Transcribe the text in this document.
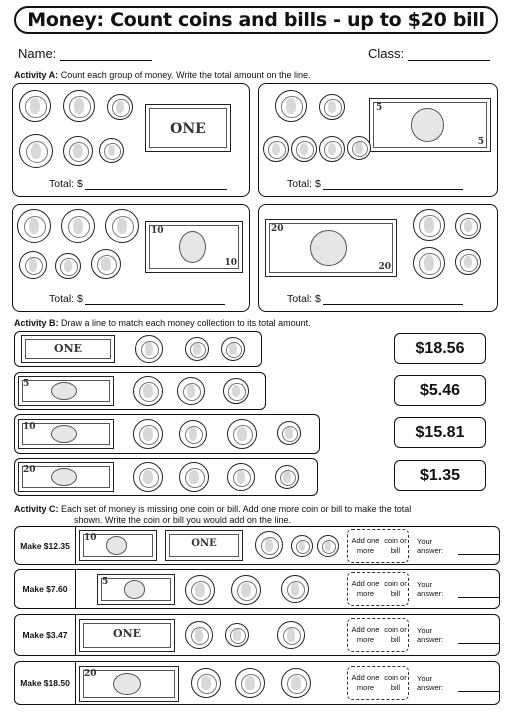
Money: Count coins and bills - up to $20 bill
Name:	Class:
Activity A: Count each group of money. Write the total amount on the line.
ONE
Total: $
5
5
Total: $
10
10
Total: $
20
20
Total: $
Activity B: Draw a line to match each money collection to its total amount.
ONE
5
10
20
$18.56
$5.46
$15.81
$1.35
Activity C: Each set of money is missing one coin or bill. Add one more coin or bill to make the total
shown. Write the coin or bill you would add on the line.
Make $12.35
10
ONE	Add one more

coin or bill
Your answer:
Make $7.60
5	Add one more

coin or bill
Your answer:
Make $3.47	ONE	Add one more

coin or bill
Your answer:
Make $18.50
20	Add one more

coin or bill
Your answer:
